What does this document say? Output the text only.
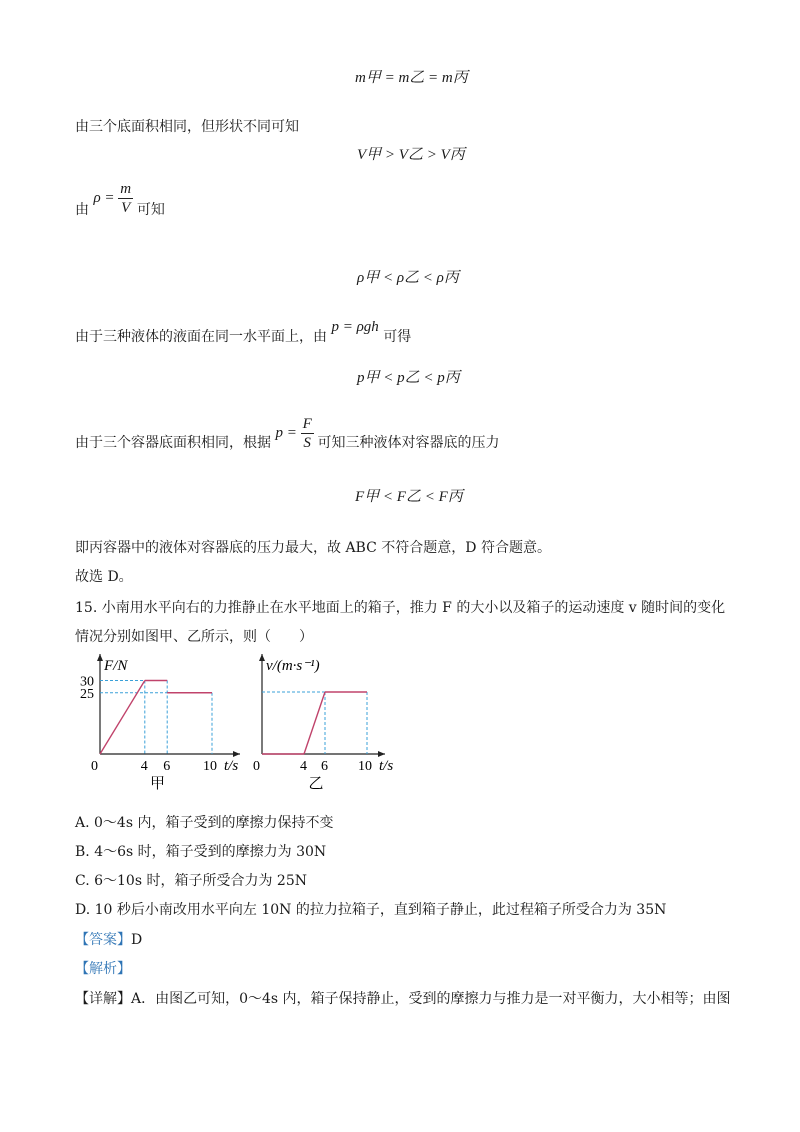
m甲 = m乙 = m丙
由三个底面积相同，但形状不同可知
V甲 > V乙 > V丙
由 $\rho = \frac{m}{V}$ 可知
ρ甲 < ρ乙 < ρ丙
由于三种液体的液面在同一水平面上，由 p = ρgh 可得
p甲 < p乙 < p丙
由于三个容器底面积相同，根据 $p = \frac{F}{S}$ 可知三种液体对容器底的压力
F甲 < F乙 < F丙
即丙容器中的液体对容器底的压力最大，故 ABC 不符合题意，D 符合题意。
故选 D。
15. 小南用水平向右的力推静止在水平地面上的箱子，推力 F 的大小以及箱子的运动速度 v 随时间的变化
情况分别如图甲、乙所示，则（　　）
F/N
0	4 6 10 t/s
30
25
甲
v/(m·s⁻¹)
0	4 6 10 t/s
乙
A. 0～4s 内，箱子受到的摩擦力保持不变
B. 4～6s 时，箱子受到的摩擦力为 30N
C. 6～10s 时，箱子所受合力为 25N
D. 10 秒后小南改用水平向左 10N 的拉力拉箱子，直到箱子静止，此过程箱子所受合力为 35N
【答案】D
【解析】
【详解】A．由图乙可知，0～4s 内，箱子保持静止，受到的摩擦力与推力是一对平衡力，大小相等；由图
